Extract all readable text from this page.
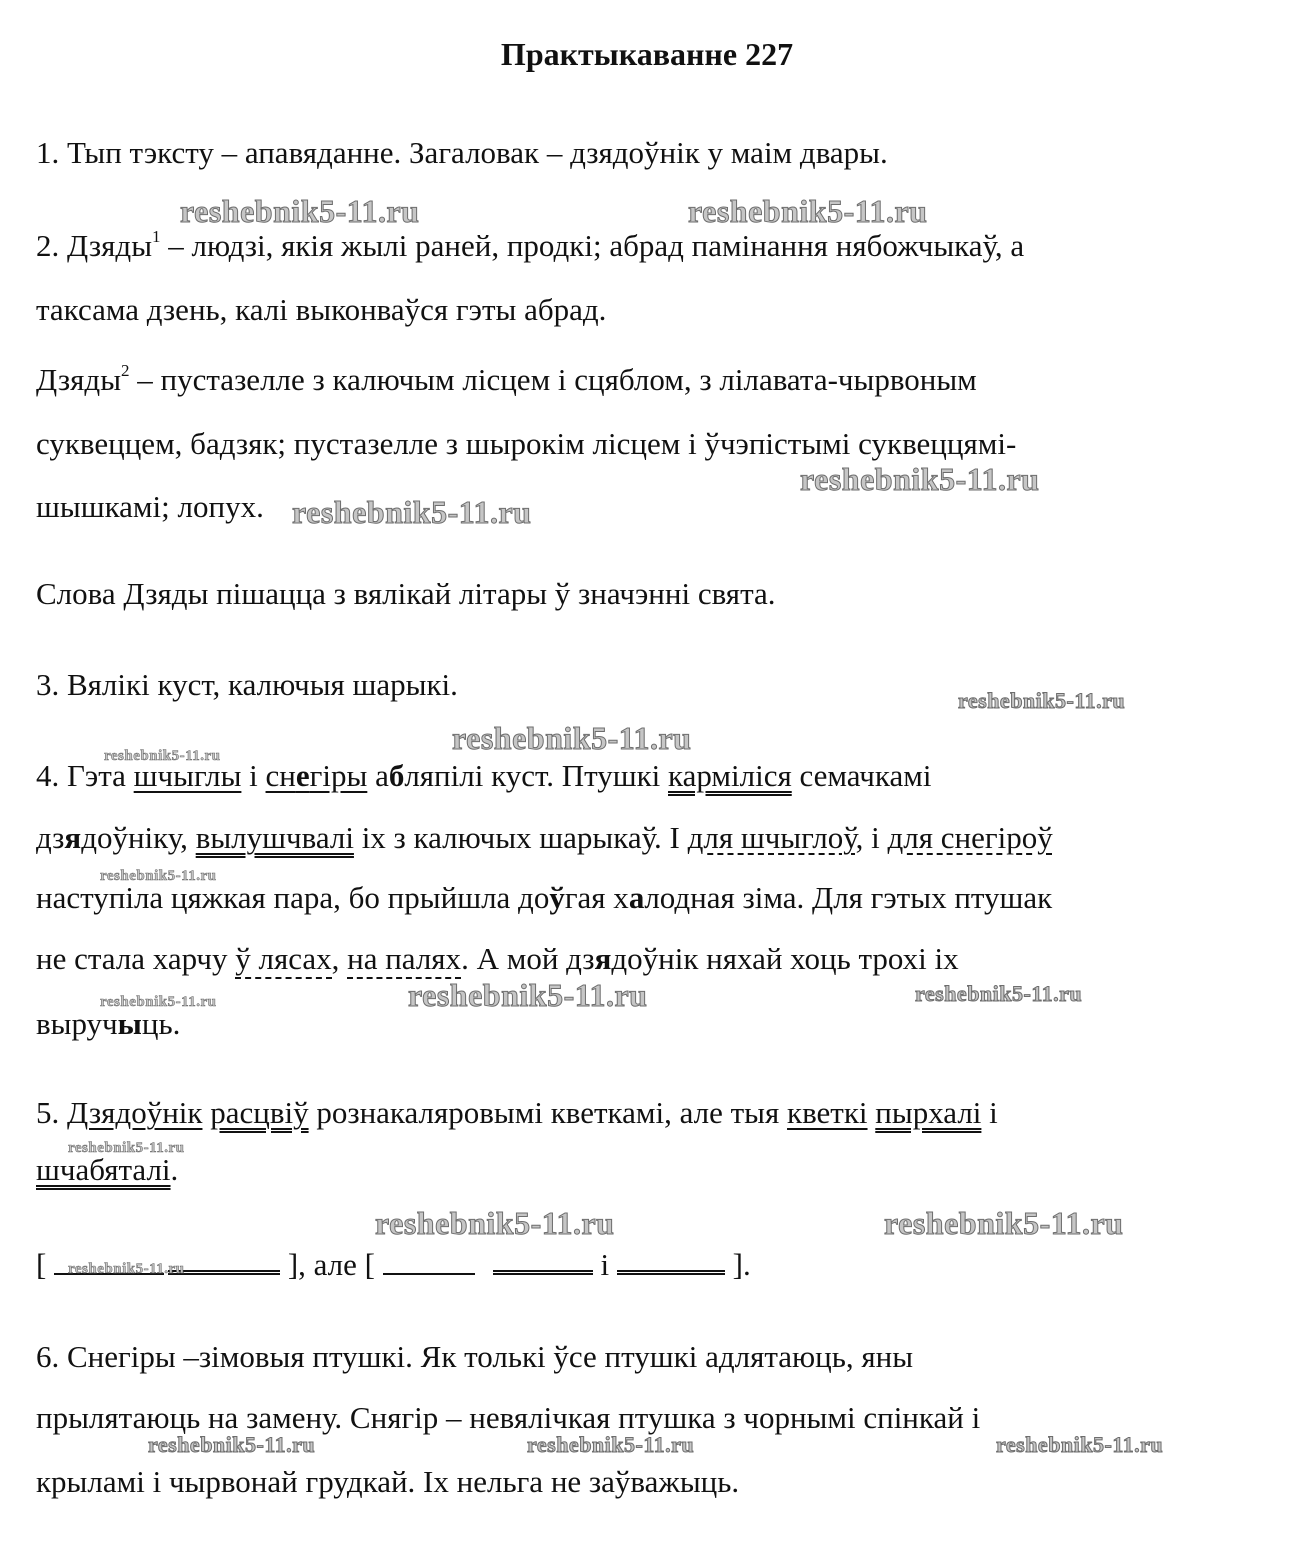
Практыкаванне 227
1. Тып тэксту – апавяданне. Загаловак – дзядоўнік у маім двары.
2. Дзяды$^1$ – людзі, якія жылі раней, продкі; абрад памінання нябожчыкаў, а
таксама дзень, калі выконваўся гэты абрад.
Дзяды$^2$ – пустазелле з калючым лісцем і сцяблом, з лілавата-чырвоным
суквеццем, бадзяк; пустазелле з шырокім лісцем і ўчэпістымі суквеццямі-
шышкамі; лопух.
Слова Дзяды пішацца з вялікай літары ў значэнні свята.
3. Вялікі куст, калючыя шарыкі.
4. Гэта шчыглы і снегіры абляпілі куст. Птушкі карміліся семачкамі
дзядоўніку, вылушчвалі іх з калючых шарыкаў. І для шчыглоў, і для снегіроў
наступіла цяжкая пара, бо прыйшла доўгая халодная зіма. Для гэтых птушак
не стала харчу ў лясах, на палях. А мой дзядоўнік няхай хоць трохі іх
выручыць.
5. Дзядоўнік расцвіў рознакаляровымі кветкамі, але тыя кветкі пырхалі і
шчабяталі.
[	], але [	і	].
6. Снегіры –зімовыя птушкі. Як толькі ўсе птушкі адлятаюць, яны
прылятаюць на замену. Снягір – невялічкая птушка з чорнымі спінкай і
крыламі і чырвонай грудкай. Іх нельга не заўважыць.
reshebnik5-11.ru	reshebnik5-11.ru
reshebnik5-11.ru
reshebnik5-11.ru
reshebnik5-11.ru
reshebnik5-11.ru
reshebnik5-11.ru
reshebnik5-11.ru
reshebnik5-11.ru	reshebnik5-11.ru
reshebnik5-11.ru
reshebnik5-11.ru
reshebnik5-11.ru	reshebnik5-11.ru
reshebnik5-11.ru
reshebnik5-11.ru	reshebnik5-11.ru	reshebnik5-11.ru
